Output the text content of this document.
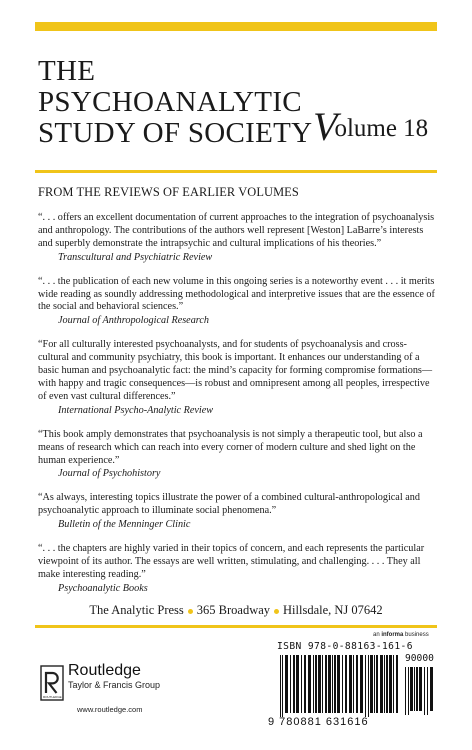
THE
PSYCHOANALYTIC
STUDY OF SOCIETY Volume 18
FROM THE REVIEWS OF EARLIER VOLUMES
“. . . offers an excellent documentation of current approaches to the integration of psychoanalysis and anthropology. The contributions of the authors well represent [Weston] LaBarre’s interests and superbly demonstrate the intrapsychic and cultural implications of his theories.”
Transcultural and Psychiatric Review
“. . . the publication of each new volume in this ongoing series is a noteworthy event . . . it merits wide reading as soundly addressing methodological and interpretive issues that are the essence of the social and behavioral sciences.”
Journal of Anthropological Research
“For all culturally interested psychoanalysts, and for students of psychoanalysis and cross-cultural and community psychiatry, this book is important. It enhances our understanding of a basic human and psychoanalytic fact: the mind’s capacity for forming compromise formations—with happy and tragic consequences—is robust and omnipresent among all peoples, irrespective of even vast cultural differences.”
International Psycho-Analytic Review
“This book amply demonstrates that psychoanalysis is not simply a therapeutic tool, but also a means of research which can reach into every corner of modern culture and shed light on the human experience.”
Journal of Psychohistory
“As always, interesting topics illustrate the power of a combined cultural-anthropological and psychoanalytic approach to illuminate social phenomena.”
Bulletin of the Menninger Clinic
“. . . the chapters are highly varied in their topics of concern, and each represents the particular viewpoint of its author. The essays are well written, stimulating, and challenging. . . . They all make interesting reading.”
Psychoanalytic Books
The Analytic Press 365 Broadway Hillsdale, NJ 07642
an informa business
ROUTLEDGE
Routledge
Taylor & Francis Group
www.routledge.com
ISBN 978-0-88163-161-6
90000
9 780881 631616
